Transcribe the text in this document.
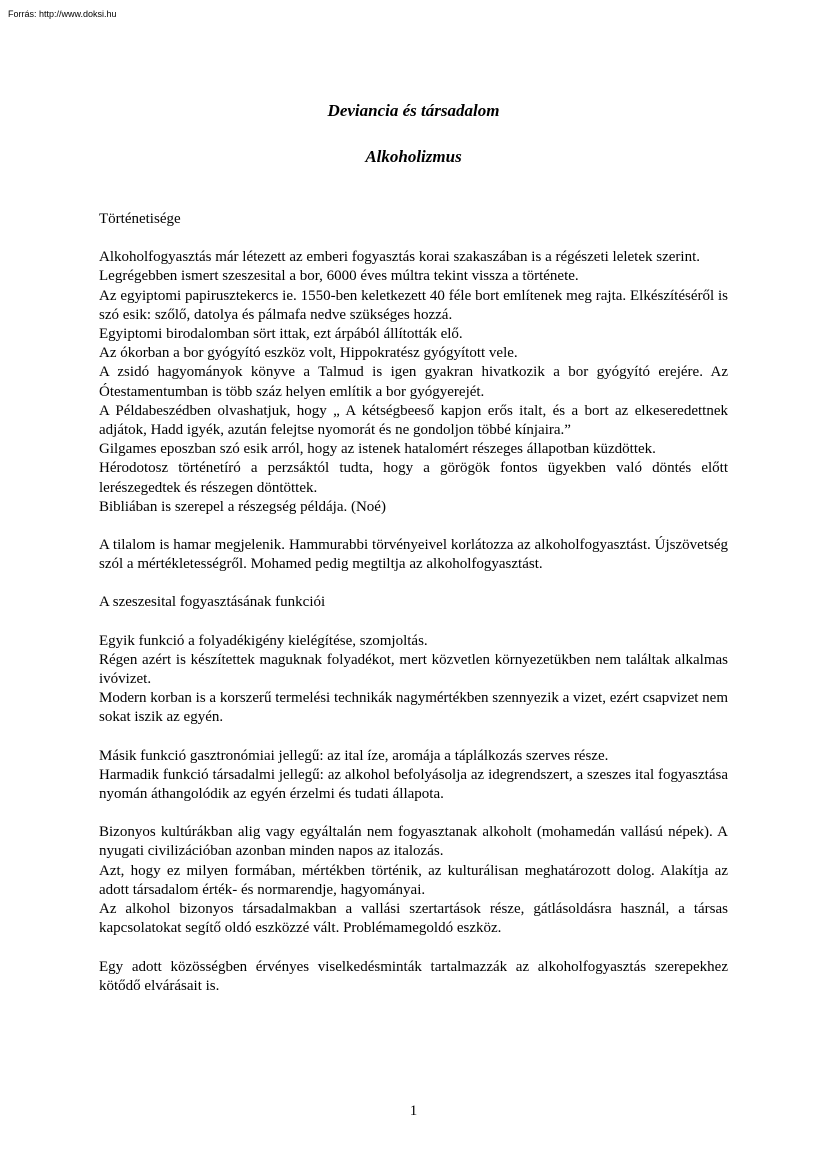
Forrás: http://www.doksi.hu
Deviancia és társadalom
Alkoholizmus

Történetisége

Alkoholfogyasztás már létezett az emberi fogyasztás korai szakaszában is a régészeti leletek szerint.

Legrégebben ismert szeszesital a bor, 6000 éves múltra tekint vissza a története.

Az egyiptomi papirusztekercs ie. 1550-ben keletkezett 40 féle bort említenek meg rajta. Elkészítéséről is szó esik: szőlő, datolya és pálmafa nedve szükséges hozzá.

Egyiptomi birodalomban sört ittak, ezt árpából állították elő.

Az ókorban a bor gyógyító eszköz volt, Hippokratész gyógyított vele.

A zsidó hagyományok könyve a Talmud is igen gyakran hivatkozik a bor gyógyító erejére. Az Ótestamentumban is több száz helyen említik a bor gyógyerejét.

A Példabeszédben olvashatjuk, hogy „ A kétségbeeső kapjon erős italt, és a bort az elkeseredettnek adjátok, Hadd igyék, azután felejtse nyomorát és ne gondoljon többé kínjaira.”

Gilgames eposzban szó esik arról, hogy az istenek hatalomért részeges állapotban küzdöttek.

Hérodotosz történetíró a perzsáktól tudta, hogy a görögök fontos ügyekben való döntés előtt lerészegedtek és részegen döntöttek.

Bibliában is szerepel a részegség példája. (Noé)

A tilalom is hamar megjelenik. Hammurabbi törvényeivel korlátozza az alkoholfogyasztást. Újszövetség szól a mértékletességről. Mohamed pedig megtiltja az alkoholfogyasztást.

A szeszesital fogyasztásának funkciói

Egyik funkció a folyadékigény kielégítése, szomjoltás.

Régen azért is készítettek maguknak folyadékot, mert közvetlen környezetükben nem találtak alkalmas ivóvizet.

Modern korban is a korszerű termelési technikák nagymértékben szennyezik a vizet, ezért csapvizet nem sokat iszik az egyén.

Másik funkció gasztronómiai jellegű: az ital íze, aromája a táplálkozás szerves része.

Harmadik funkció társadalmi jellegű: az alkohol befolyásolja az idegrendszert, a szeszes ital fogyasztása nyomán áthangolódik az egyén érzelmi és tudati állapota.

Bizonyos kultúrákban alig vagy egyáltalán nem fogyasztanak alkoholt (mohamedán vallású népek). A nyugati civilizációban azonban minden napos az italozás.

Azt, hogy ez milyen formában, mértékben történik, az kulturálisan meghatározott dolog. Alakítja az adott társadalom érték- és normarendje, hagyományai.

Az alkohol bizonyos társadalmakban a vallási szertartások része, gátlásoldásra használ, a társas kapcsolatokat segítő oldó eszközzé vált. Problémamegoldó eszköz.

Egy adott közösségben érvényes viselkedésminták tartalmazzák az alkoholfogyasztás szerepekhez kötődő elvárásait is.

1
